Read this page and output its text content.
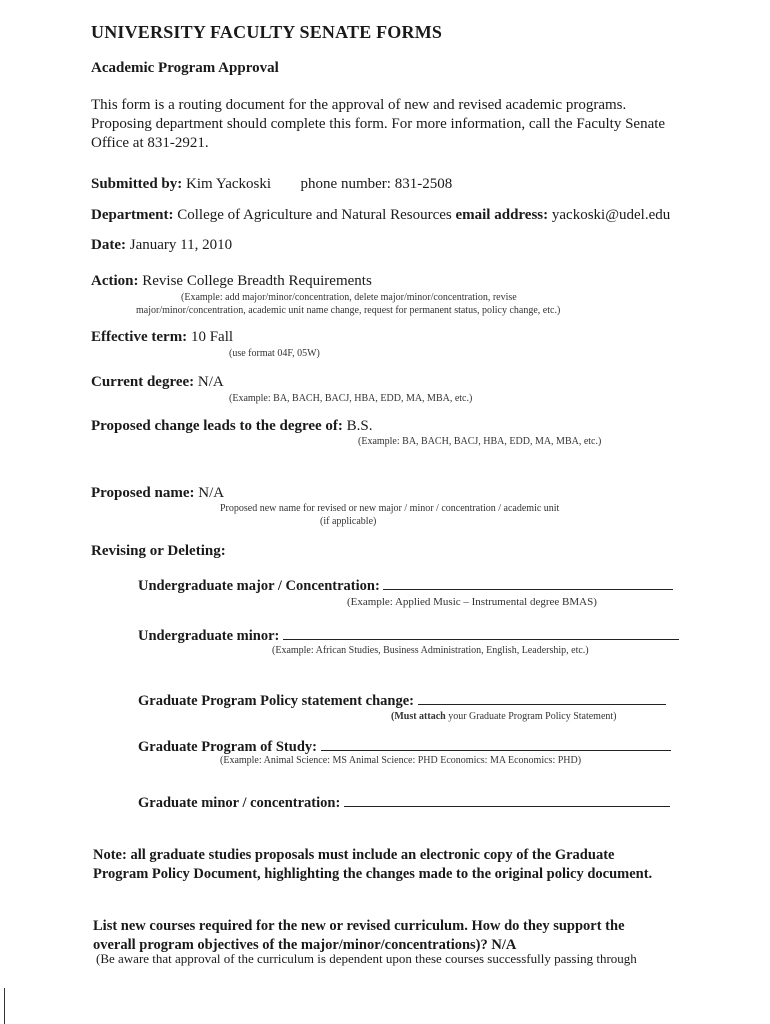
UNIVERSITY FACULTY SENATE FORMS
Academic Program Approval
This form is a routing document for the approval of new and revised academic programs.
Proposing department should complete this form. For more information, call the Faculty Senate
Office at 831-2921.
Submitted by: Kim Yackoski phone number: 831-2508
Department: College of Agriculture and Natural Resources email address: yackoski@udel.edu
Date: January 11, 2010
Action: Revise College Breadth Requirements
(Example: add major/minor/concentration, delete major/minor/concentration, revise
major/minor/concentration, academic unit name change, request for permanent status, policy change, etc.)
Effective term: 10 Fall
(use format 04F, 05W)
Current degree: N/A
(Example: BA, BACH, BACJ, HBA, EDD, MA, MBA, etc.)
Proposed change leads to the degree of: B.S.
(Example: BA, BACH, BACJ, HBA, EDD, MA, MBA, etc.)
Proposed name: N/A
Proposed new name for revised or new major / minor / concentration / academic unit
(if applicable)
Revising or Deleting:
Undergraduate major / Concentration:
(Example: Applied Music – Instrumental degree BMAS)
Undergraduate minor:
(Example: African Studies, Business Administration, English, Leadership, etc.)
Graduate Program Policy statement change:
(Must attach your Graduate Program Policy Statement)
Graduate Program of Study:
(Example: Animal Science: MS Animal Science: PHD Economics: MA Economics: PHD)
Graduate minor / concentration:
Note: all graduate studies proposals must include an electronic copy of the Graduate
Program Policy Document, highlighting the changes made to the original policy document.
List new courses required for the new or revised curriculum. How do they support the
overall program objectives of the major/minor/concentrations)? N/A
(Be aware that approval of the curriculum is dependent upon these courses successfully passing through
